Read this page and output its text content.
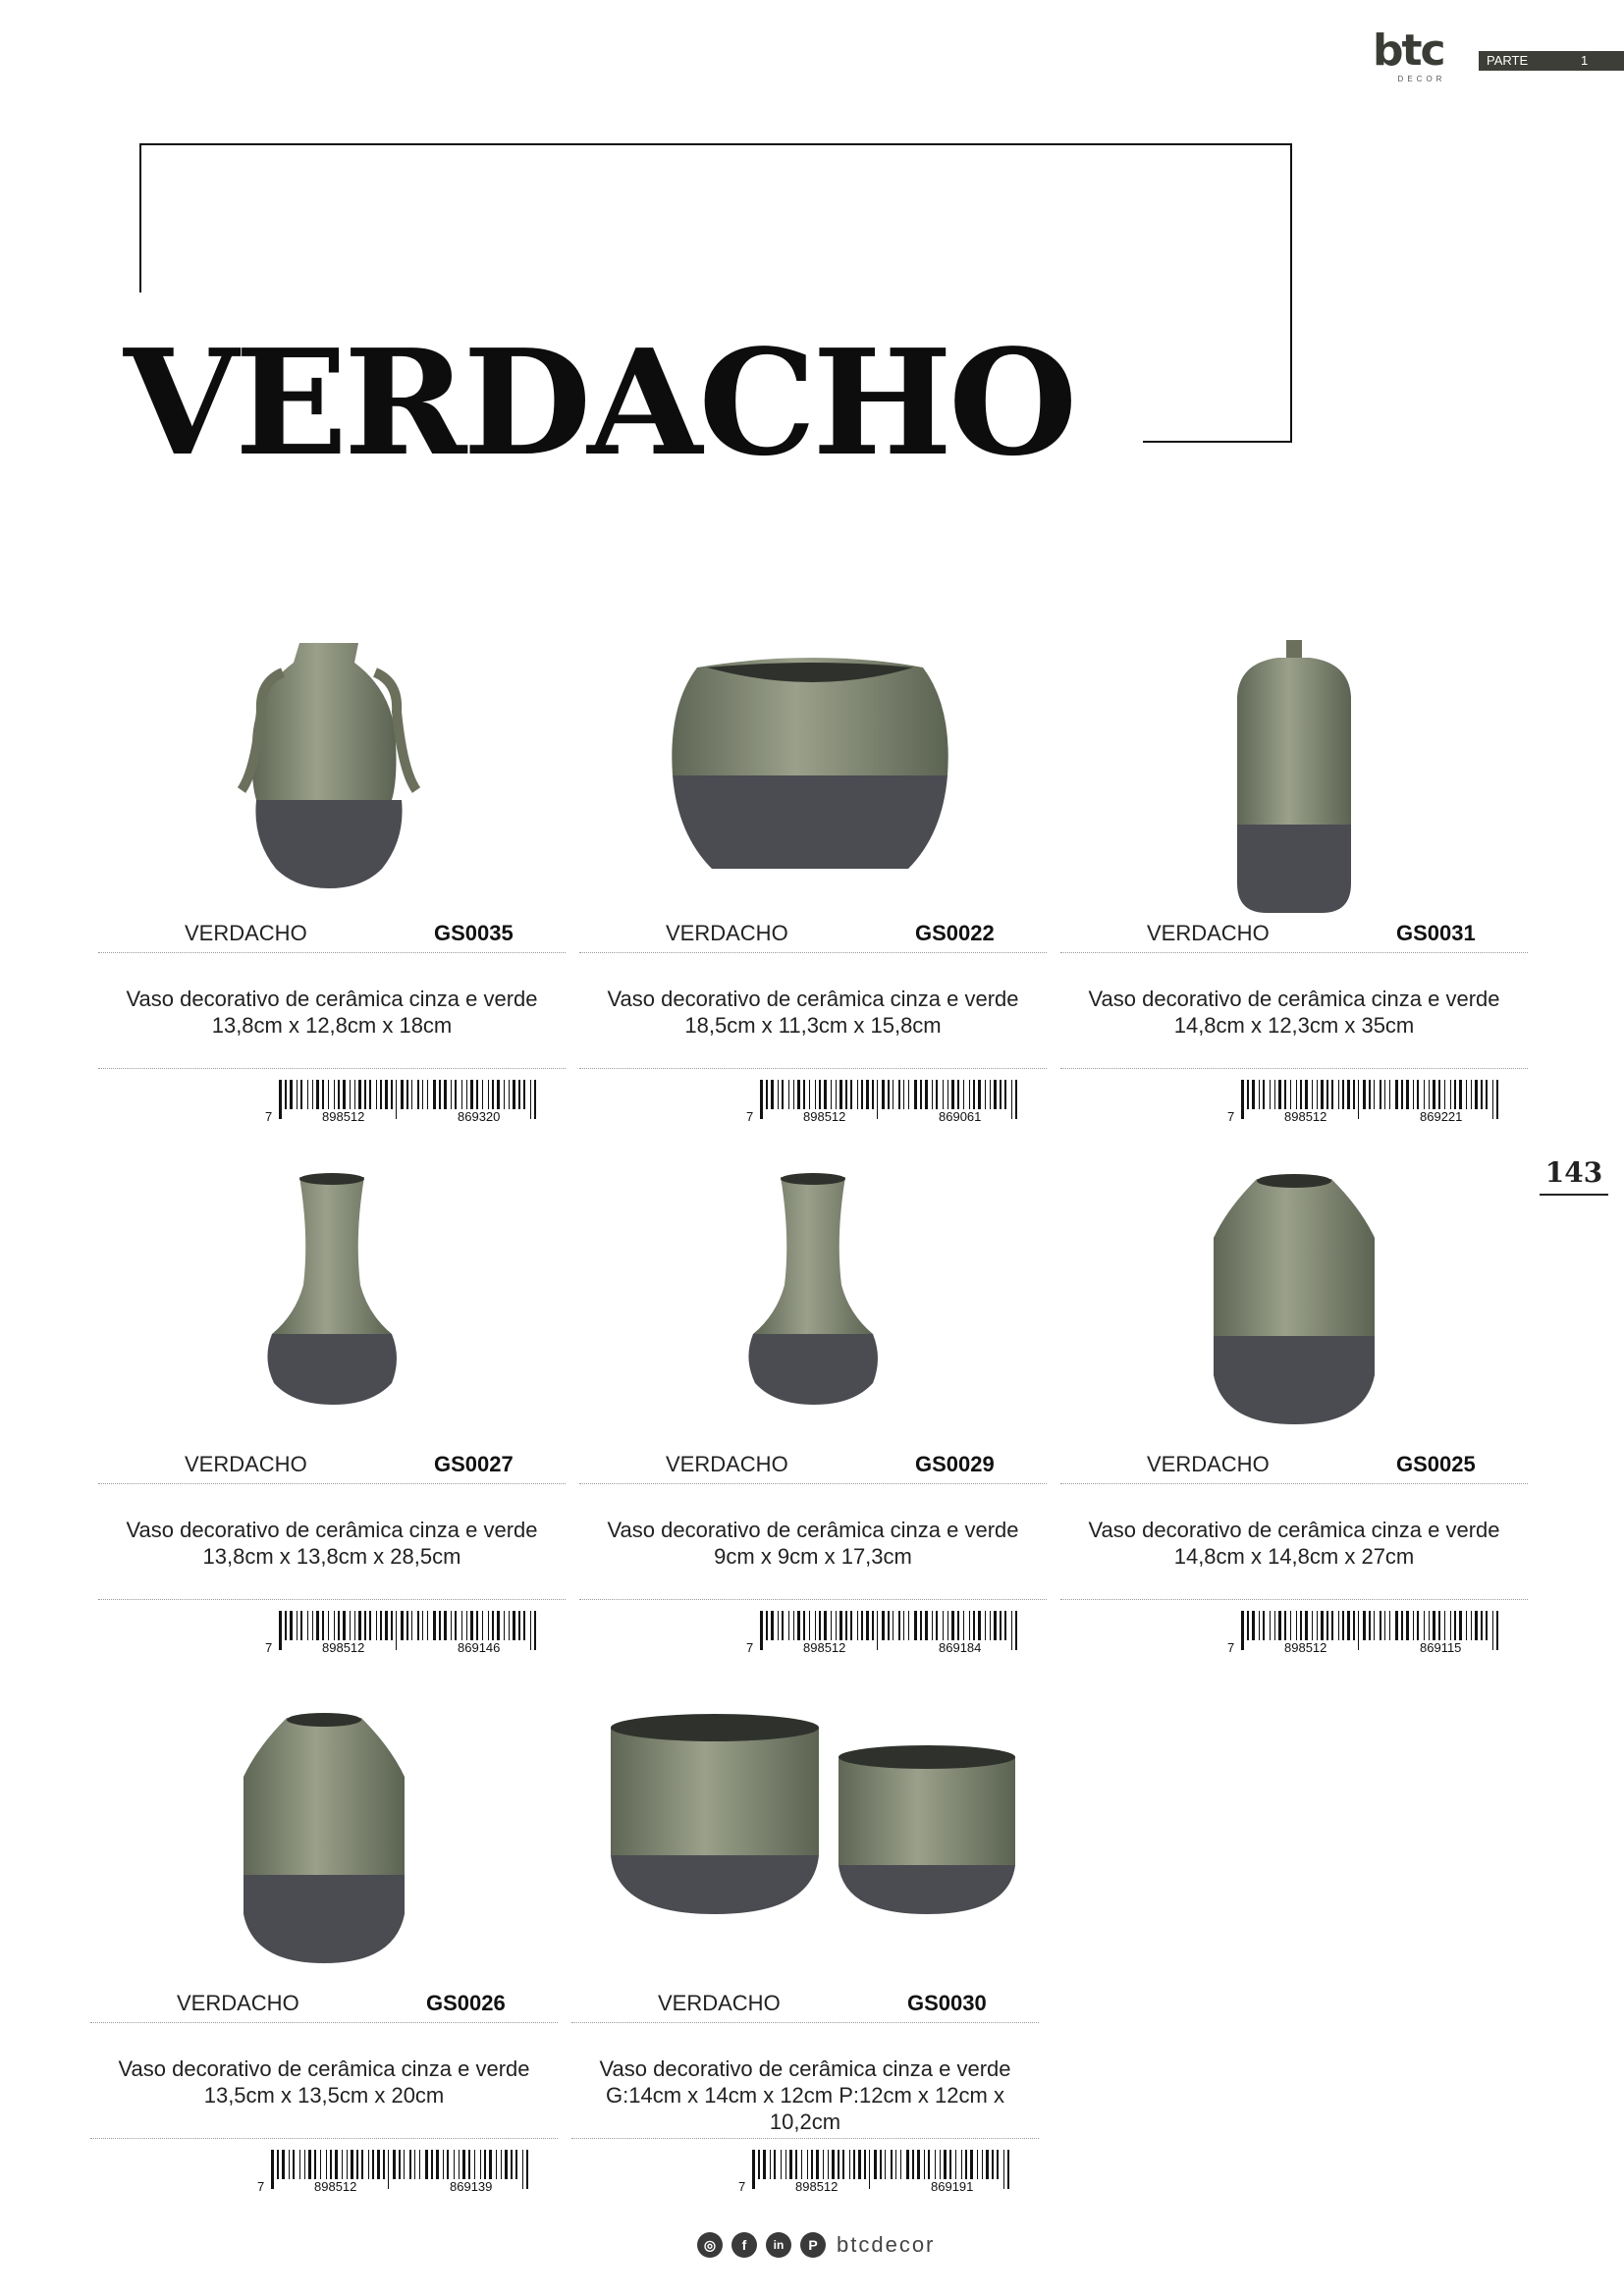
btc
DECOR
PARTE	1
VERDACHO
143
VERDACHO	GS0035
Vaso decorativo de cerâmica cinza e verde
13,8cm x 12,8cm x 18cm
7	898512	869320
VERDACHO	GS0022
Vaso decorativo de cerâmica cinza e verde
18,5cm x 11,3cm x 15,8cm
7	898512	869061
VERDACHO	GS0031
Vaso decorativo de cerâmica cinza e verde
14,8cm x 12,3cm x 35cm
7	898512	869221
VERDACHO	GS0027
Vaso decorativo de cerâmica cinza e verde
13,8cm x 13,8cm x 28,5cm
7	898512	869146
VERDACHO	GS0029
Vaso decorativo de cerâmica cinza e verde
9cm x 9cm x 17,3cm
7	898512	869184
VERDACHO	GS0025
Vaso decorativo de cerâmica cinza e verde
14,8cm x 14,8cm x 27cm
7	898512	869115
VERDACHO	GS0026
Vaso decorativo de cerâmica cinza e verde
13,5cm x 13,5cm x 20cm
7	898512	869139
VERDACHO	GS0030
Vaso decorativo de cerâmica cinza e verde
G:14cm x 14cm x 12cm P:12cm x 12cm x
10,2cm
7	898512	869191
◎	f	in	P btcdecor
